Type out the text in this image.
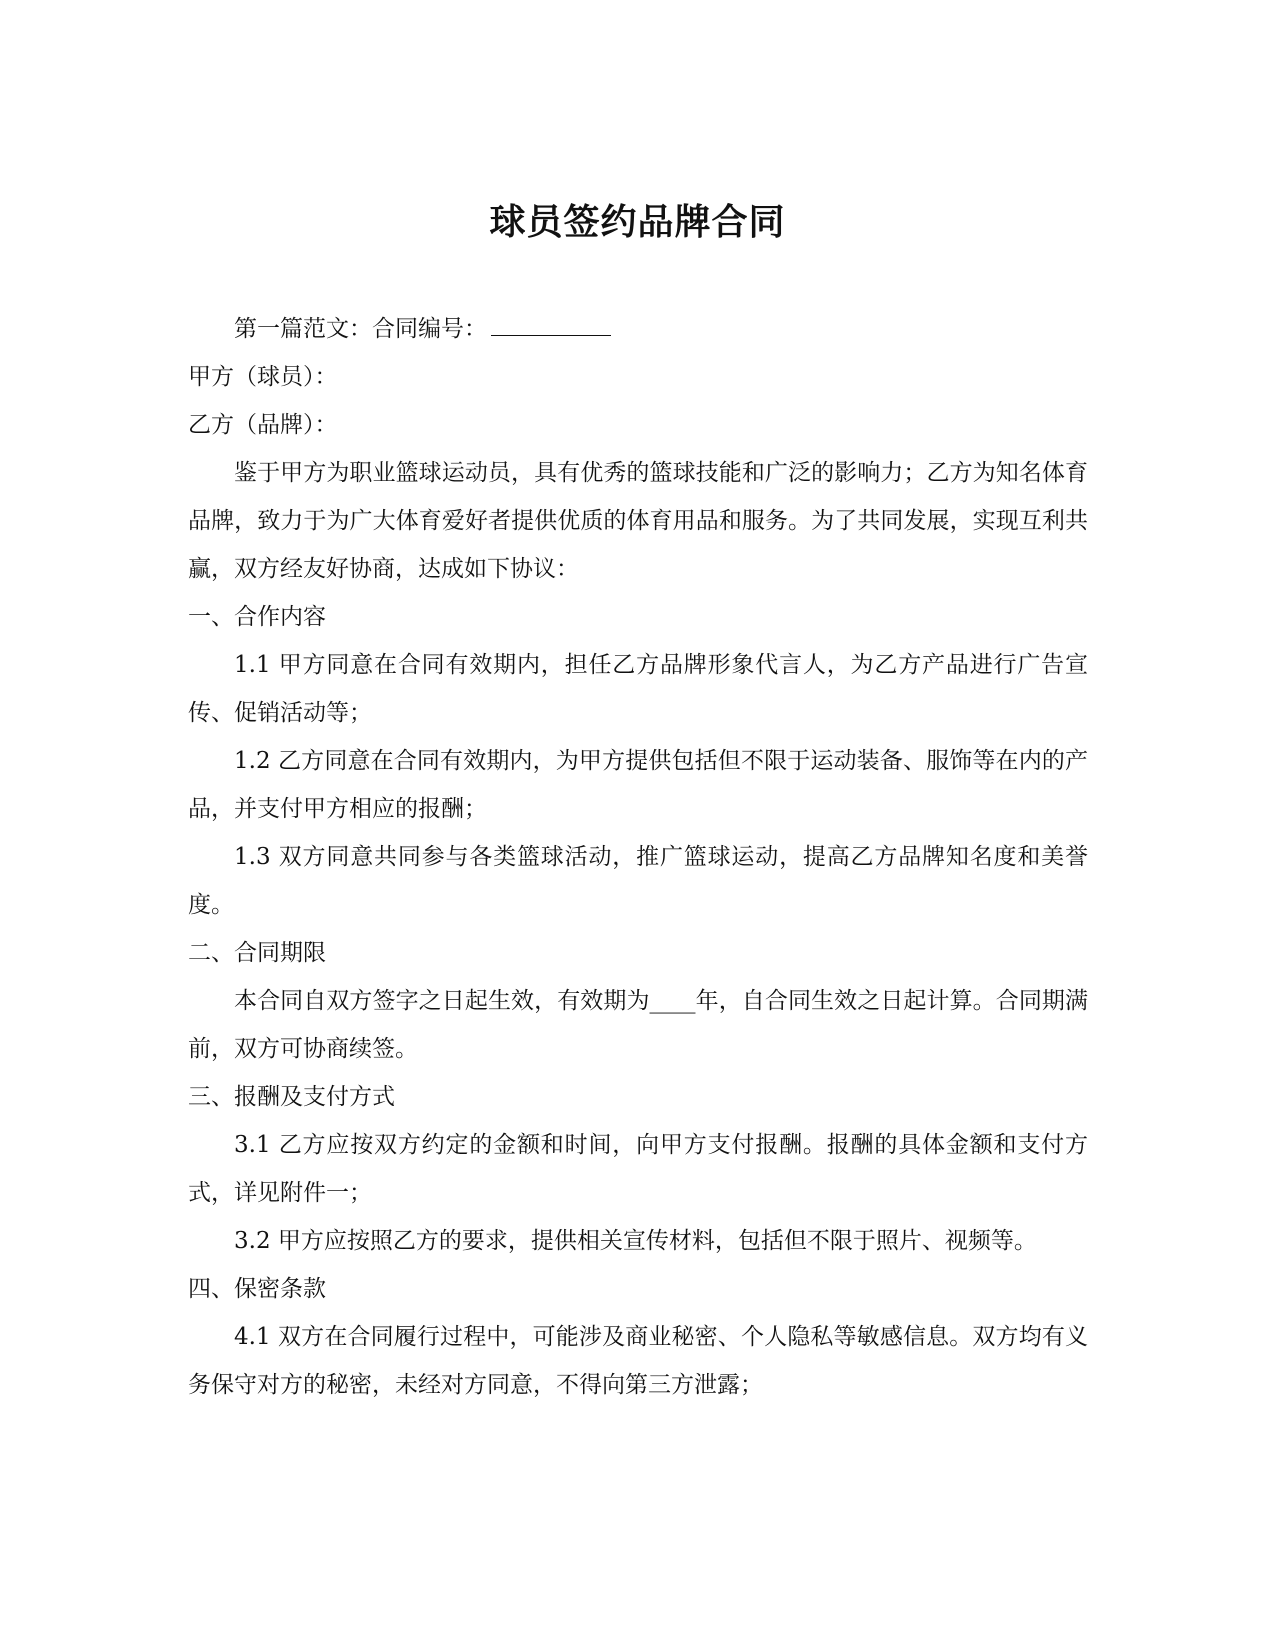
球员签约品牌合同

第一篇范文：合同编号：

甲方（球员）：

乙方（品牌）：

鉴于甲方为职业篮球运动员，具有优秀的篮球技能和广泛的影响力；乙方为知名体育品牌，致力于为广大体育爱好者提供优质的体育用品和服务。为了共同发展，实现互利共赢，双方经友好协商，达成如下协议：

一、合作内容

1.1 甲方同意在合同有效期内，担任乙方品牌形象代言人，为乙方产品进行广告宣传、促销活动等；

1.2 乙方同意在合同有效期内，为甲方提供包括但不限于运动装备、服饰等在内的产品，并支付甲方相应的报酬；

1.3 双方同意共同参与各类篮球活动，推广篮球运动，提高乙方品牌知名度和美誉度。

二、合同期限

本合同自双方签字之日起生效，有效期为____年，自合同生效之日起计算。合同期满前，双方可协商续签。

三、报酬及支付方式

3.1 乙方应按双方约定的金额和时间，向甲方支付报酬。报酬的具体金额和支付方式，详见附件一；

3.2 甲方应按照乙方的要求，提供相关宣传材料，包括但不限于照片、视频等。

四、保密条款

4.1 双方在合同履行过程中，可能涉及商业秘密、个人隐私等敏感信息。双方均有义务保守对方的秘密，未经对方同意，不得向第三方泄露；
